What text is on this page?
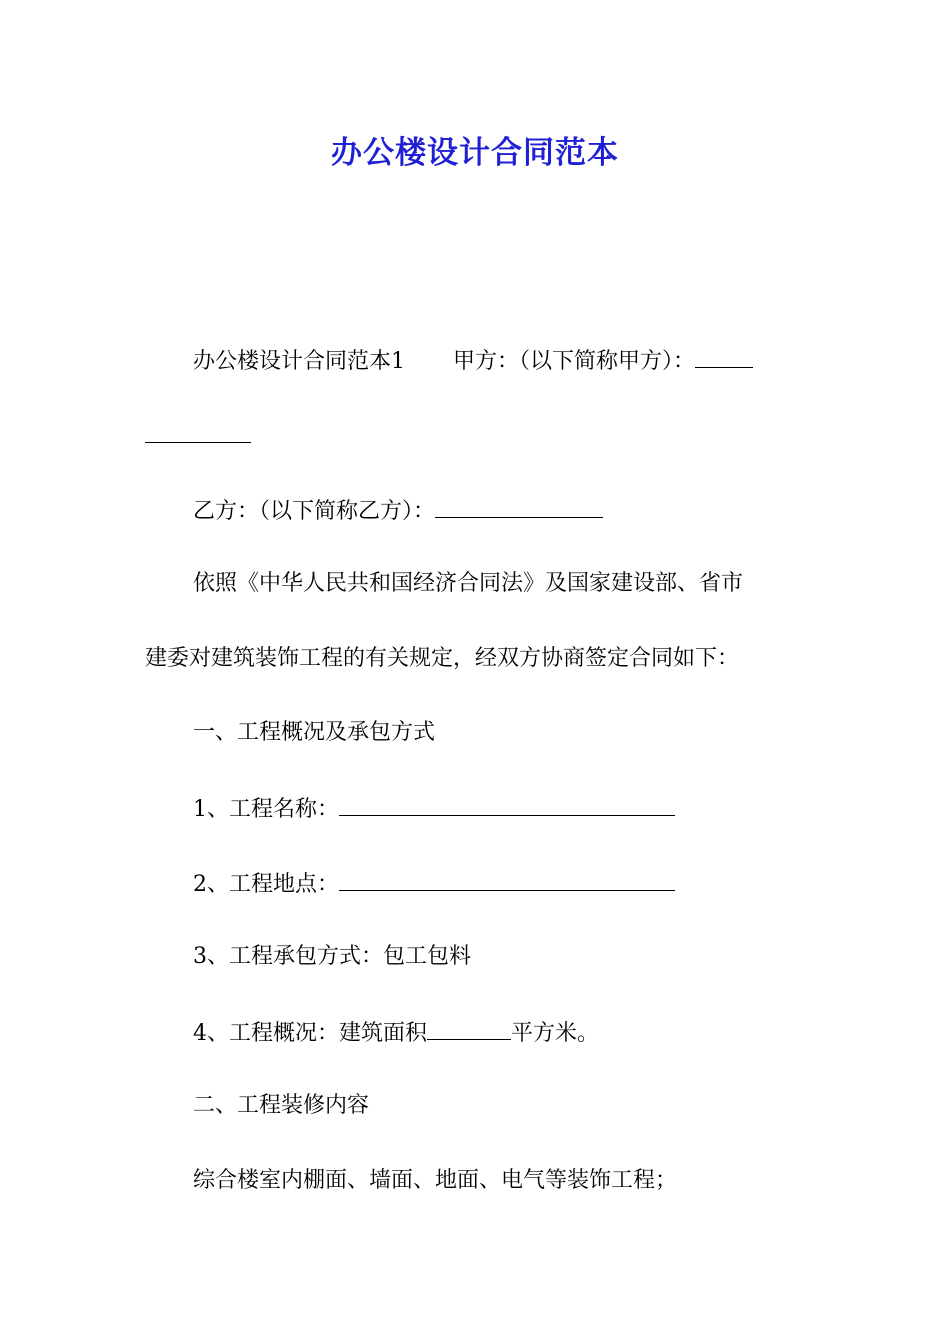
办公楼设计合同范本
办公楼设计合同范本1 甲方：（以下简称甲方）：
乙方：（以下简称乙方）：
依照《中华人民共和国经济合同法》及国家建设部、省市
建委对建筑装饰工程的有关规定，经双方协商签定合同如下：
一、工程概况及承包方式
1、工程名称：
2、工程地点：
3、工程承包方式：包工包料
4、工程概况：建筑面积	平方米。
二、工程装修内容
综合楼室内棚面、墙面、地面、电气等装饰工程；
